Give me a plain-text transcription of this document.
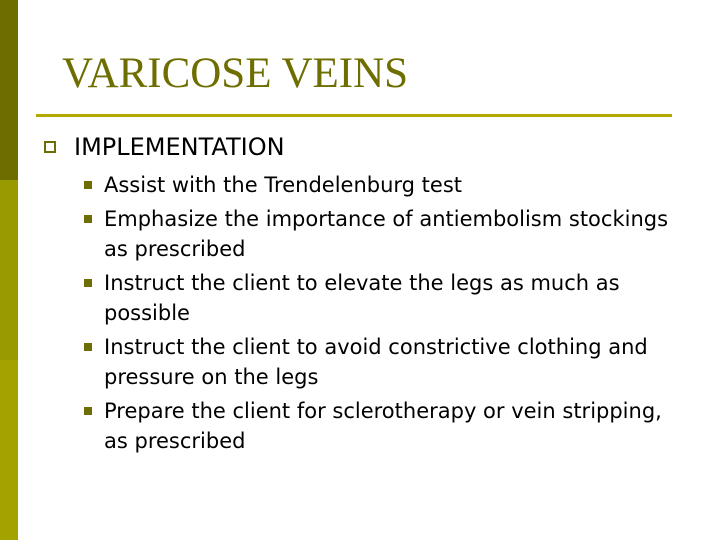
VARICOSE VEINS
IMPLEMENTATION
Assist with the Trendelenburg test
Emphasize the importance of antiembolism stockings as prescribed
Instruct the client to elevate the legs as much as possible
Instruct the client to avoid constrictive clothing and pressure on the legs
Prepare the client for sclerotherapy or vein stripping, as prescribed
